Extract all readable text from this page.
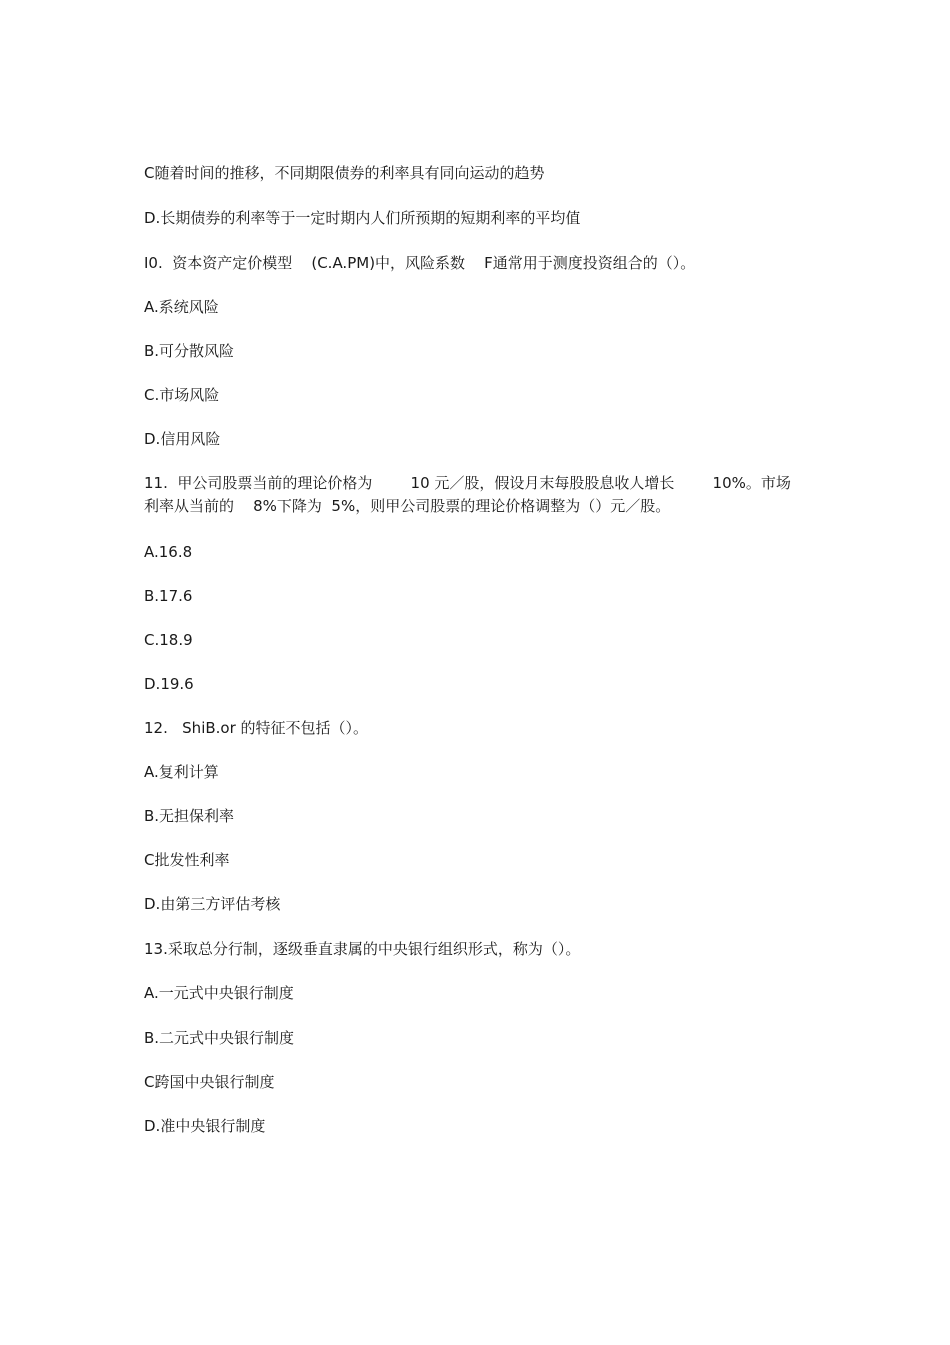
C随着时间的推移，不同期限债券的利率具有同向运动的趋势
D.长期债券的利率等于一定时期内人们所预期的短期利率的平均值
I0.  资本资产定价模型    (C.A.PM)中，风险系数    F通常用于测度投资组合的（）。
A.系统风险
B.可分散风险
C.市场风险
D.信用风险
11.  甲公司股票当前的理论价格为        10 元／股，假设月末每股股息收人增长        10%。市场
利率从当前的    8%下降为  5%，则甲公司股票的理论价格调整为（）元／股。
A.16.8
B.17.6
C.18.9
D.19.6
12.   ShiB.or 的特征不包括（）。
A.复利计算
B.无担保利率
C批发性利率
D.由第三方评估考核
13.采取总分行制，逐级垂直隶属的中央银行组织形式，称为（）。
A.一元式中央银行制度
B.二元式中央银行制度
C跨国中央银行制度
D.准中央银行制度
